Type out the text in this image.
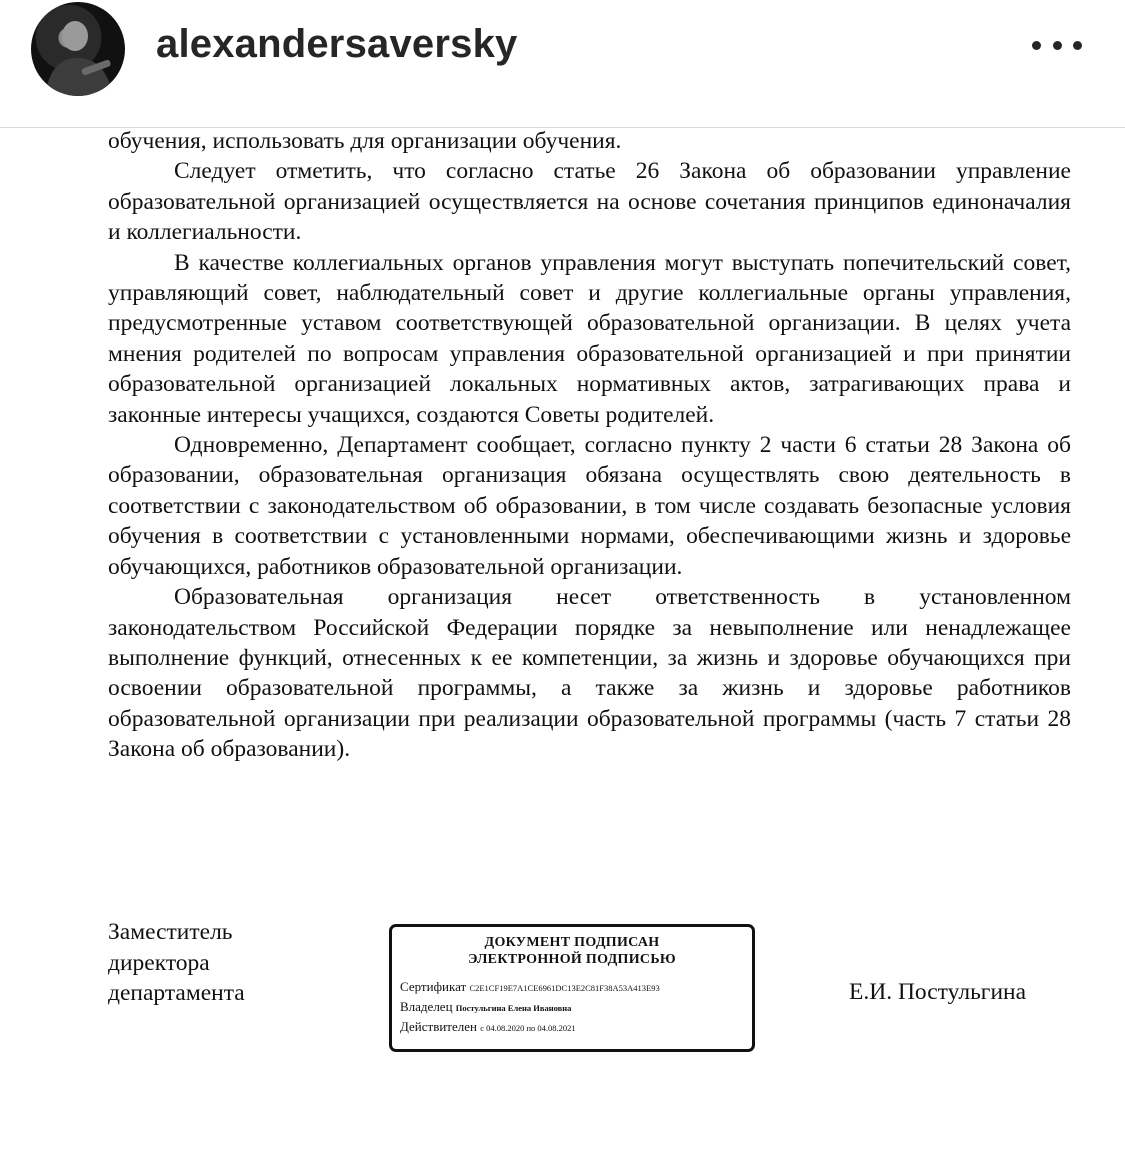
alexandersaversky

обучения, использовать для организации обучения.

Следует отметить, что согласно статье 26 Закона об образовании управление образовательной организацией осуществляется на основе сочетания принципов единоначалия и коллегиальности.

В качестве коллегиальных органов управления могут выступать попечительский совет, управляющий совет, наблюдательный совет и другие коллегиальные органы управления, предусмотренные уставом соответствующей образовательной организации. В целях учета мнения родителей по вопросам управления образовательной организацией и при принятии образовательной организацией локальных нормативных актов, затрагивающих права и законные интересы учащихся, создаются Советы родителей.

Одновременно, Департамент сообщает, согласно пункту 2 части 6 статьи 28 Закона об образовании, образовательная организация обязана осуществлять свою деятельность в соответствии с законодательством об образовании, в том числе создавать безопасные условия обучения в соответствии с установленными нормами, обеспечивающими жизнь и здоровье обучающихся, работников образовательной организации.

Образовательная организация несет ответственность в установленном законодательством Российской Федерации порядке за невыполнение или ненадлежащее выполнение функций, отнесенных к ее компетенции, за жизнь и здоровье обучающихся при освоении образовательной программы, а также за жизнь и здоровье работников образовательной организации при реализации образовательной программы (часть 7 статьи 28 Закона об образовании).

Заместитель
директора
департамента
ДОКУМЕНТ ПОДПИСАН
ЭЛЕКТРОННОЙ ПОДПИСЬЮ
Сертификат C2E1CF19E7A1CE6961DC13E2C81F38A53A413E93
Владелец Постульгина Елена Ивановна
Действителен с 04.08.2020 по 04.08.2021
Е.И. Постульгина
